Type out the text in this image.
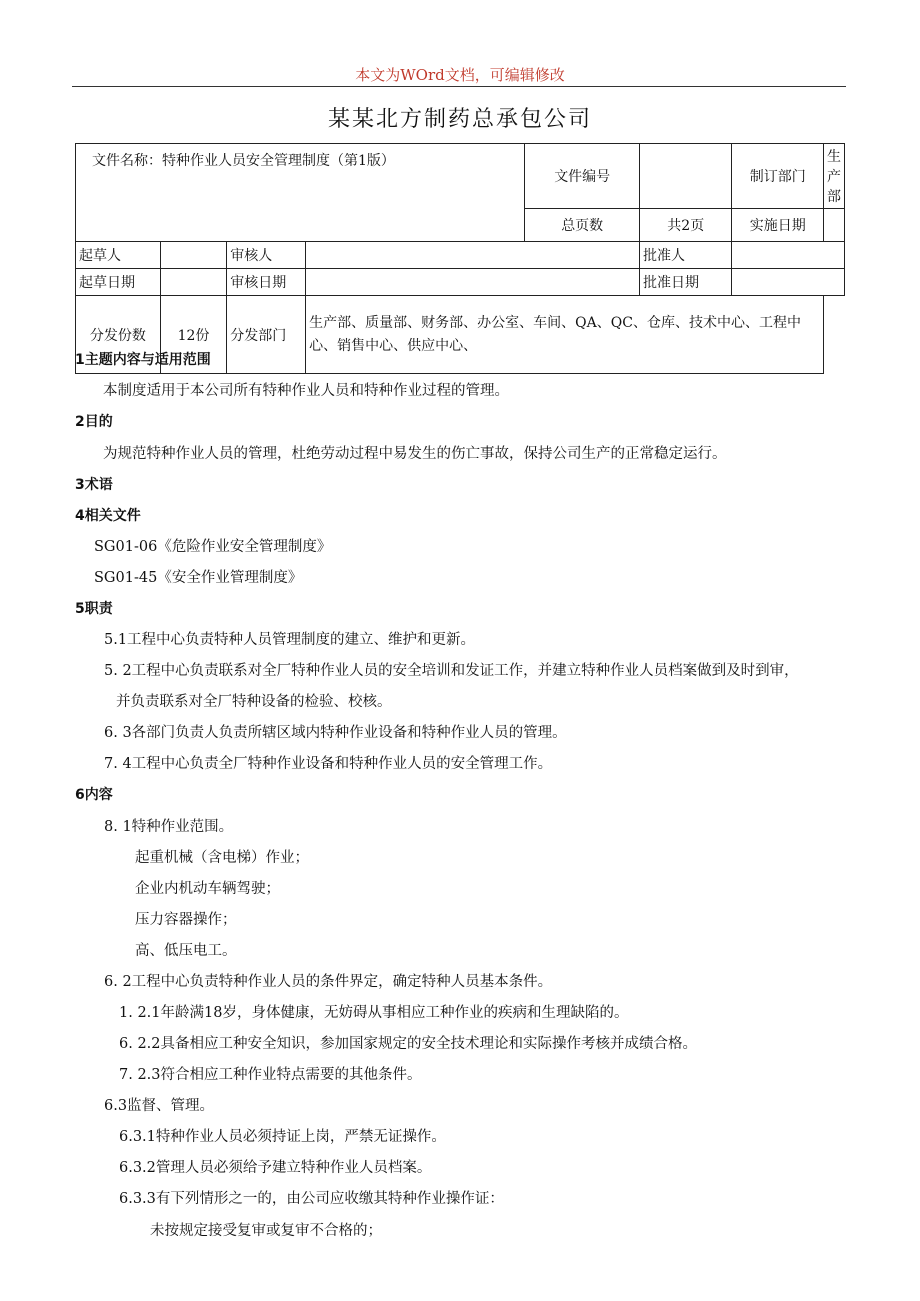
本文为WOrd文档，可编辑修改
某某北方制药总承包公司
文件名称：特种作业人员安全管理制度（第1版）				文件编号		制订部门	生产部
				总页数	共2页	实施日期	
起草人		审核人			批准人		
起草日期		审核日期			批准日期		
分发份数	12份	分发部门	生产部、质量部、财务部、办公室、车间、QA、QC、仓库、技术中心、工程中
心、销售中心、供应中心、				
1主题内容与适用范围
本制度适用于本公司所有特种作业人员和特种作业过程的管理。
2目的
为规范特种作业人员的管理，杜绝劳动过程中易发生的伤亡事故，保持公司生产的正常稳定运行。
3术语
4相关文件
SG01-06《危险作业安全管理制度》
SG01-45《安全作业管理制度》
5职责
5.1工程中心负责特种人员管理制度的建立、维护和更新。
5. 2工程中心负责联系对全厂特种作业人员的安全培训和发证工作，并建立特种作业人员档案做到及时到审，
并负责联系对全厂特种设备的检验、校核。
6. 3各部门负责人负责所辖区域内特种作业设备和特种作业人员的管理。
7. 4工程中心负责全厂特种作业设备和特种作业人员的安全管理工作。
6内容
8. 1特种作业范围。
起重机械（含电梯）作业；
企业内机动车辆驾驶；
压力容器操作；
高、低压电工。
6. 2工程中心负责特种作业人员的条件界定，确定特种人员基本条件。
1. 2.1年龄满18岁，身体健康，无妨碍从事相应工种作业的疾病和生理缺陷的。
6. 2.2具备相应工种安全知识，参加国家规定的安全技术理论和实际操作考核并成绩合格。
7. 2.3符合相应工种作业特点需要的其他条件。
6.3监督、管理。
6.3.1特种作业人员必须持证上岗，严禁无证操作。
6.3.2管理人员必须给予建立特种作业人员档案。
6.3.3有下列情形之一的，由公司应收缴其特种作业操作证：
未按规定接受复审或复审不合格的；
